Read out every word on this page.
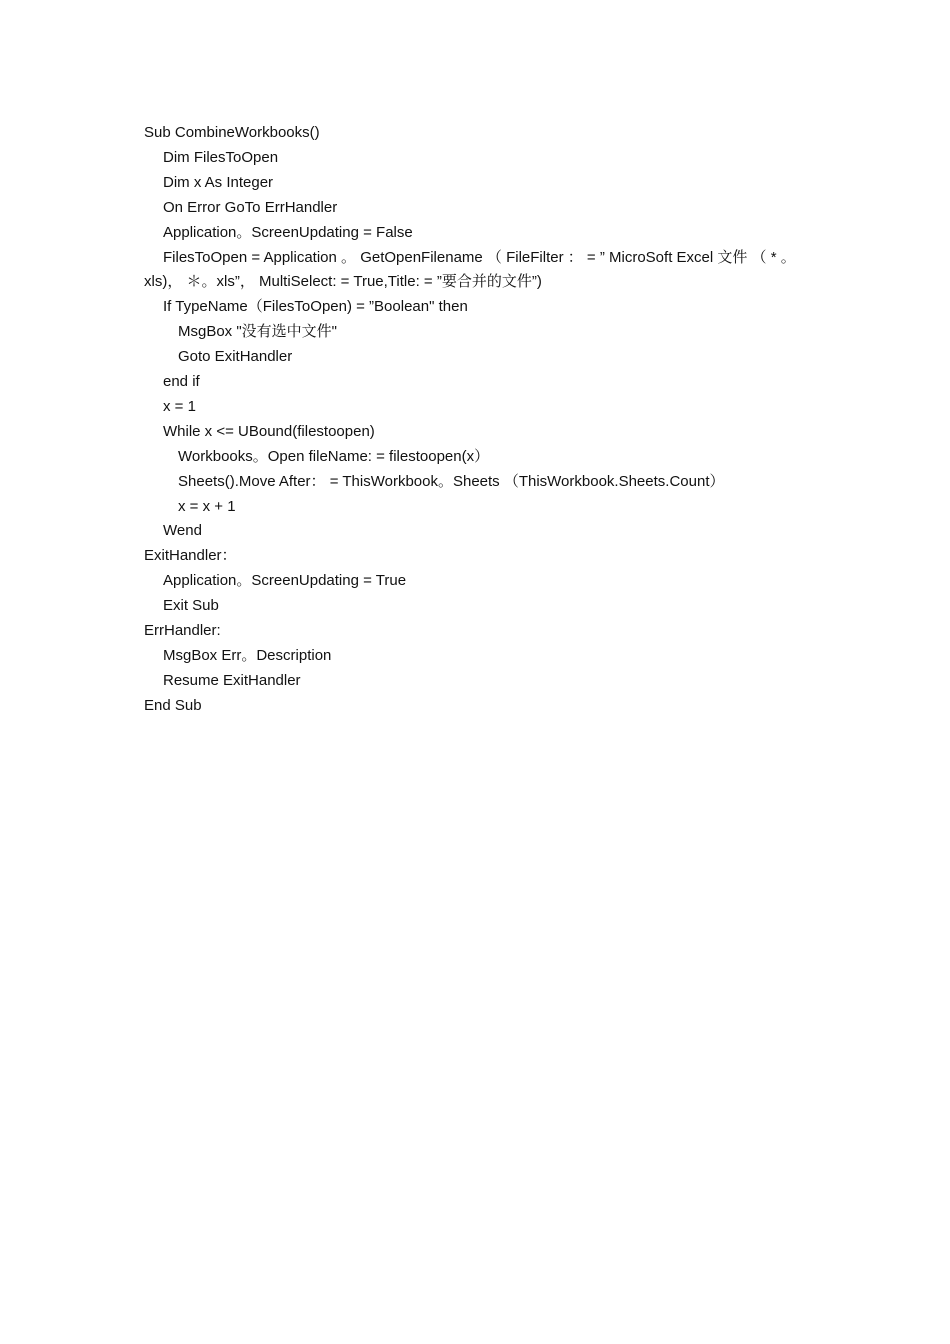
Sub CombineWorkbooks()
Dim FilesToOpen
Dim x As Integer
On Error GoTo ErrHandler
Application。ScreenUpdating = False
FilesToOpen = Application 。 GetOpenFilename （ FileFilter ： = ” MicroSoft Excel 文件 （ * 。
xls)， ＊。xls”， MultiSelect: = True,Title: = ”要合并的文件”)
If TypeName（FilesToOpen) = ”Boolean" then
MsgBox "没有选中文件"
Goto ExitHandler
end if
x = 1
While x <= UBound(filestoopen)
Workbooks。Open fileName: = filestoopen(x）
Sheets().Move After： = ThisWorkbook。Sheets （ThisWorkbook.Sheets.Count）
x = x + 1
Wend
ExitHandler：
Application。ScreenUpdating = True
Exit Sub
ErrHandler:
MsgBox Err。Description
Resume ExitHandler
End Sub
